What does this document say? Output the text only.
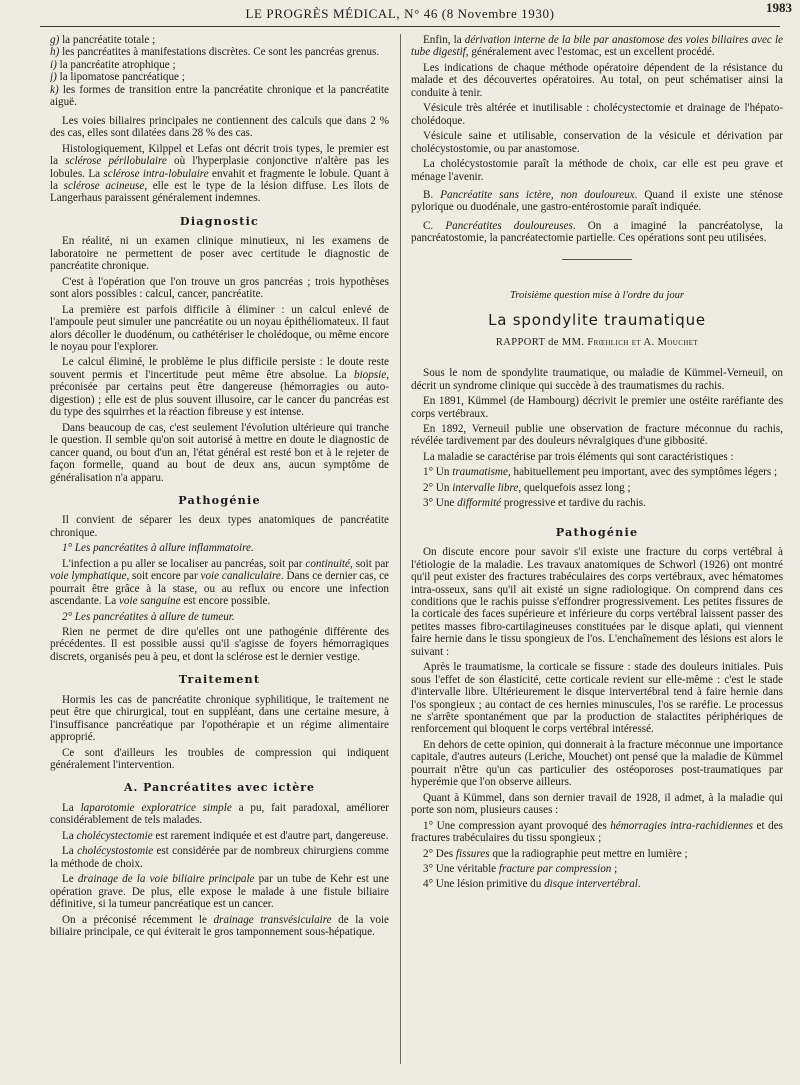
LE PROGRÈS MÉDICAL, N° 46 (8 Novembre 1930)	1983

g) la pancréatite totale ;

h) les pancréatites à manifestations discrètes. Ce sont les pancréas grenus.

i) la pancréatite atrophique ;

j) la lipomatose pancréatique ;

k) les formes de transition entre la pancréatite chronique et la pancréatite aiguë.

Les voies biliaires principales ne contiennent des calculs que dans 2 % des cas, elles sont dilatées dans 28 % des cas.

Histologiquement, Kilppel et Lefas ont décrit trois types, le premier est la sclérose périlobulaire où l'hyperplasie conjonctive n'altère pas les lobules. La sclérose intra-lobulaire envahit et fragmente le lobule. Quant à la sclérose acineuse, elle est le type de la lésion diffuse. Les îlots de Langerhaus paraissent généralement indemnes.

Diagnostic

En réalité, ni un examen clinique minutieux, ni les examens de laboratoire ne permettent de poser avec certitude le diagnostic de pancréatite chronique.

C'est à l'opération que l'on trouve un gros pancréas ; trois hypothèses sont alors possibles : calcul, cancer, pancréatite.

La première est parfois difficile à éliminer : un calcul enlevé de l'ampoule peut simuler une pancréatite ou un noyau épithéliomateux. Il faut alors décoller le duodénum, ou cathétériser le cholédoque, ou même encore le noyau pour l'explorer.

Le calcul éliminé, le problème le plus difficile persiste : le doute reste souvent permis et l'incertitude peut même être absolue. La biopsie, préconisée par certains peut être dangereuse (hémorragies ou auto-digestion) ; elle est de plus souvent illusoire, car le cancer du pancréas est du type des squirrhes et la réaction fibreuse y est intense.

Dans beaucoup de cas, c'est seulement l'évolution ultérieure qui tranche le question. Il semble qu'on soit autorisé à mettre en doute le diagnostic de cancer quand, ou bout d'un an, l'état général est resté bon et à le rejeter de façon formelle, quand au bout de deux ans, aucun symptôme de généralisation n'a apparu.

Pathogénie

Il convient de séparer les deux types anatomiques de pancréatite chronique.

1° Les pancréatites à allure inflammatoire.

L'infection a pu aller se localiser au pancréas, soit par continuité, soit par voie lymphatique, soit encore par voie canaliculaire. Dans ce dernier cas, ce pourrait être grâce à la stase, ou au reflux ou encore une infection ascendante. La voie sanguine est encore possible.

2° Les pancréatites à allure de tumeur.

Rien ne permet de dire qu'elles ont une pathogénie différente des précédentes. Il est possible aussi qu'il s'agisse de foyers hémorragiques discrets, organisés peu à peu, et dont la sclérose est le dernier vestige.

Traitement

Hormis les cas de pancréatite chronique syphilitique, le traitement ne peut être que chirurgical, tout en suppléant, dans une certaine mesure, à l'insuffisance pancréatique par l'opothérapie et un régime alimentaire approprié.

Ce sont d'ailleurs les troubles de compression qui indiquent généralement l'intervention.

A. Pancréatites avec ictère

La laparotomie exploratrice simple a pu, fait paradoxal, améliorer considérablement de tels malades.

La cholécystectomie est rarement indiquée et est d'autre part, dangereuse.

La cholécystostomie est considérée par de nombreux chirurgiens comme la méthode de choix.

Le drainage de la voie biliaire principale par un tube de Kehr est une opération grave. De plus, elle expose le malade à une fistule biliaire définitive, si la tumeur pancréatique est un cancer.

On a préconisé récemment le drainage transvésiculaire de la voie biliaire principale, ce qui éviterait le gros tamponnement sous-hépatique.

Enfin, la dérivation interne de la bile par anastomose des voies biliaires avec le tube digestif, généralement avec l'estomac, est un excellent procédé.

Les indications de chaque méthode opératoire dépendent de la résistance du malade et des découvertes opératoires. Au total, on peut schématiser ainsi la conduite à tenir.

Vésicule très altérée et inutilisable : cholécystectomie et drainage de l'hépato-cholédoque.

Vésicule saine et utilisable, conservation de la vésicule et dérivation par cholécystostomie, ou par anastomose.

La cholécystostomie paraît la méthode de choix, car elle est peu grave et ménage l'avenir.

B. Pancréatite sans ictère, non douloureux. Quand il existe une sténose pylorique ou duodénale, une gastro-entérostomie paraît indiquée.

C. Pancréatites douloureuses. On a imaginé la pancréatolyse, la pancréatostomie, la pancréatectomie partielle. Ces opérations sont peu utilisées.

Troisième question mise à l'ordre du jour
La spondylite traumatique
RAPPORT de MM. Frœhlich et A. Mouchet

Sous le nom de spondylite traumatique, ou maladie de Kümmel-Verneuil, on décrit un syndrome clinique qui succède à des traumatismes du rachis.

En 1891, Kümmel (de Hambourg) décrivit le premier une ostéite raréfiante des corps vertébraux.

En 1892, Verneuil publie une observation de fracture méconnue du rachis, révélée tardivement par des douleurs névralgiques d'une gibbosité.

La maladie se caractérise par trois éléments qui sont caractéristiques :

1° Un traumatisme, habituellement peu important, avec des symptômes légers ;

2° Un intervalle libre, quelquefois assez long ;

3° Une difformité progressive et tardive du rachis.

Pathogénie

On discute encore pour savoir s'il existe une fracture du corps vertébral à l'étiologie de la maladie. Les travaux anatomiques de Schworl (1926) ont montré qu'il peut exister des fractures trabéculaires des corps vertébraux, avec hématomes intra-osseux, sans qu'il ait existé un signe radiologique. On comprend dans ces conditions que le rachis puisse s'effondrer progressivement. Les petites fissures de la corticale des faces supérieure et inférieure du corps vertébral laissent passer des petites masses fibro-cartilagineuses constituées par le disque aplati, qui viennent faire hernie dans le tissu spongieux de l'os. L'enchaînement des lésions est alors le suivant :

Après le traumatisme, la corticale se fissure : stade des douleurs initiales. Puis sous l'effet de son élasticité, cette corticale revient sur elle-même : c'est le stade d'intervalle libre. Ultérieurement le disque intervertébral tend à faire hernie dans l'os spongieux ; au contact de ces hernies minuscules, l'os se raréfie. Le processus ne s'arrête spontanément que par la production de stalactites périphériques de renforcement qui bloquent le corps vertébral intéressé.

En dehors de cette opinion, qui donnerait à la fracture méconnue une importance capitale, d'autres auteurs (Leriche, Mouchet) ont pensé que la maladie de Kümmel pourrait n'être qu'un cas particulier des ostéoporoses post-traumatiques par hyperémie que l'on observe ailleurs.

Quant à Kümmel, dans son dernier travail de 1928, il admet, à la maladie qui porte son nom, plusieurs causes :

1° Une compression ayant provoqué des hémorragies intra-rachidiennes et des fractures trabéculaires du tissu spongieux ;

2° Des fissures que la radiographie peut mettre en lumière ;

3° Une véritable fracture par compression ;

4° Une lésion primitive du disque intervertébral.
